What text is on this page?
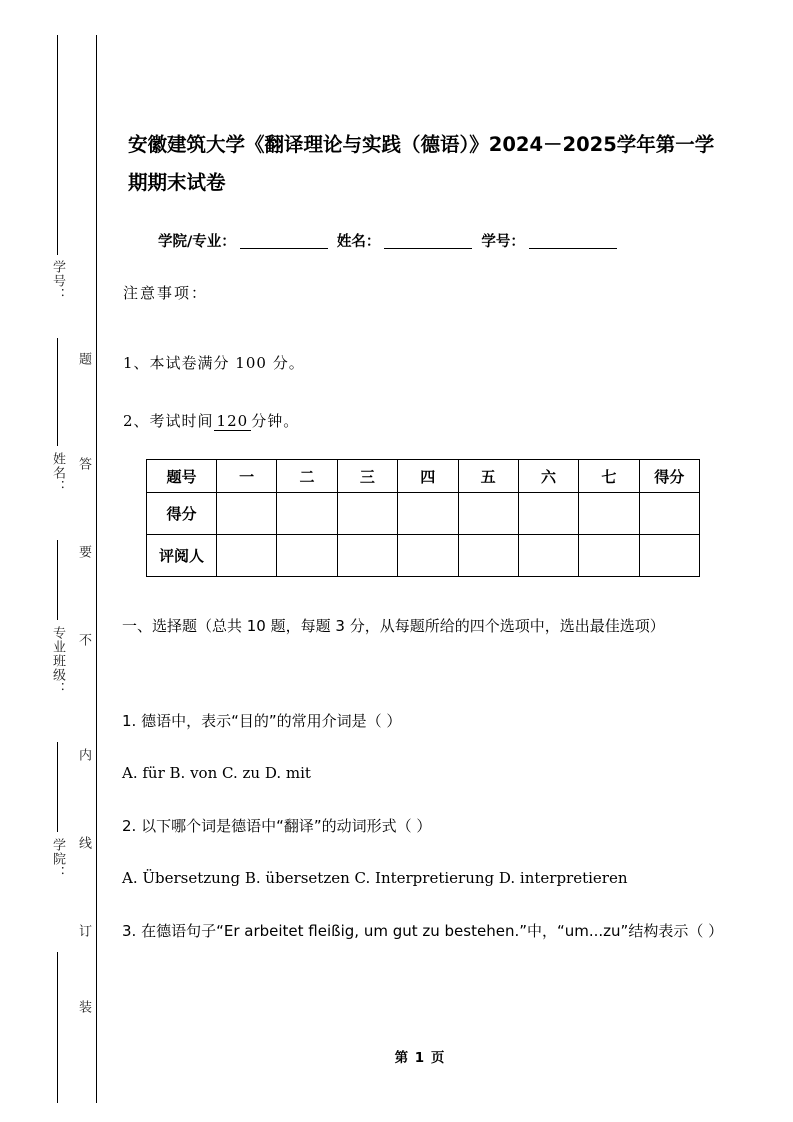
学号：
姓名：
专业班级：
学院：
题
答
要
不
内
线
订
装
安徽建筑大学《翻译理论与实践（德语）》2024－2025学年第一学期期末试卷
学院/专业：	姓名：	学号：
注意事项：
1、本试卷满分 100 分。
2、考试时间 120 分钟。
题号	一	二	三	四	五	六	七	得分
得分								
评阅人								
一、选择题（总共 10 题，每题 3 分，从每题所给的四个选项中，选出最佳选项）
1. 德语中，表示“目的”的常用介词是（ ）
A. für B. von C. zu D. mit
2. 以下哪个词是德语中“翻译”的动词形式（ ）
A. Übersetzung B. übersetzen C. Interpretierung D. interpretieren
3. 在德语句子“Er arbeitet fleißig, um gut zu bestehen.”中，“um...zu”结构表示（ ）
第 1 页
